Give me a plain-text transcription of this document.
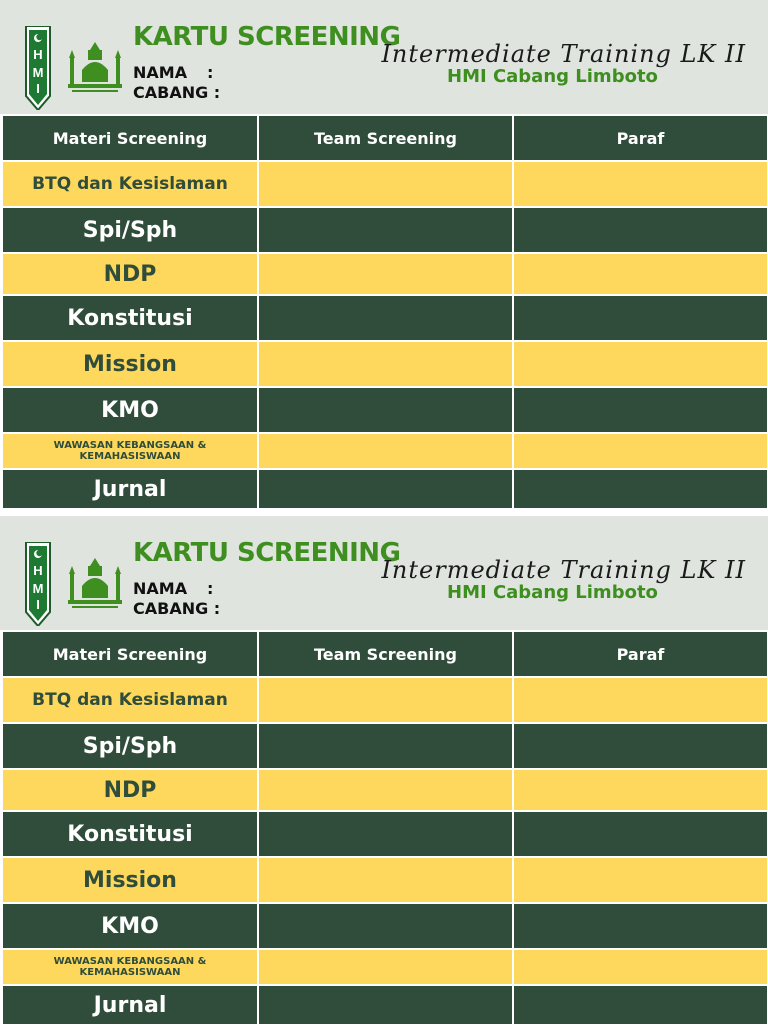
H
M
I
KARTU SCREENING
NAMA :
CABANG :
Intermediate Training LK II
HMI Cabang Limboto
Materi Screening	Team Screening	Paraf
BTQ dan Kesislaman		
Spi/Sph		
NDP		
Konstitusi		
Mission		
KMO		
WAWASAN KEBANGSAAN & KEMAHASISWAAN		
Jurnal		
H
M
I
KARTU SCREENING
NAMA :
CABANG :
Intermediate Training LK II
HMI Cabang Limboto
Materi Screening	Team Screening	Paraf
BTQ dan Kesislaman		
Spi/Sph		
NDP		
Konstitusi		
Mission		
KMO		
WAWASAN KEBANGSAAN & KEMAHASISWAAN		
Jurnal		
